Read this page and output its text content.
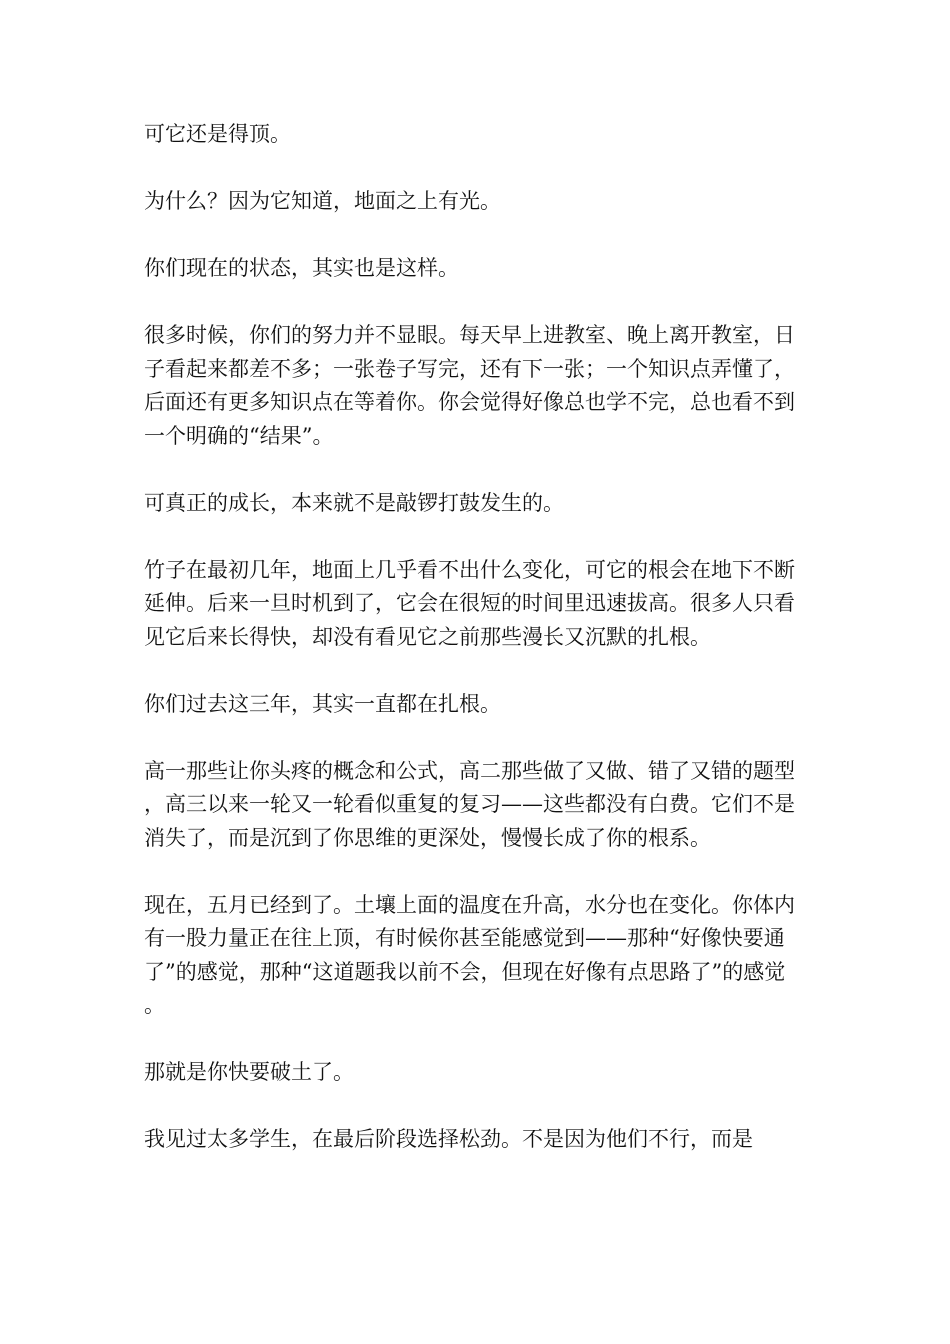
可它还是得顶。

为什么？因为它知道，地面之上有光。

你们现在的状态，其实也是这样。

很多时候，你们的努力并不显眼。每天早上进教室、晚上离开教室，日子看起来都差不多；一张卷子写完，还有下一张；一个知识点弄懂了，后面还有更多知识点在等着你。你会觉得好像总也学不完，总也看不到一个明确的“结果”。

可真正的成长，本来就不是敲锣打鼓发生的。

竹子在最初几年，地面上几乎看不出什么变化，可它的根会在地下不断延伸。后来一旦时机到了，它会在很短的时间里迅速拔高。很多人只看见它后来长得快，却没有看见它之前那些漫长又沉默的扎根。

你们过去这三年，其实一直都在扎根。

高一那些让你头疼的概念和公式，高二那些做了又做、错了又错的题型，高三以来一轮又一轮看似重复的复习——这些都没有白费。它们不是消失了，而是沉到了你思维的更深处，慢慢长成了你的根系。

现在，五月已经到了。土壤上面的温度在升高，水分也在变化。你体内有一股力量正在往上顶，有时候你甚至能感觉到——那种“好像快要通了”的感觉，那种“这道题我以前不会，但现在好像有点思路了”的感觉。

那就是你快要破土了。

我见过太多学生，在最后阶段选择松劲。不是因为他们不行，而是
